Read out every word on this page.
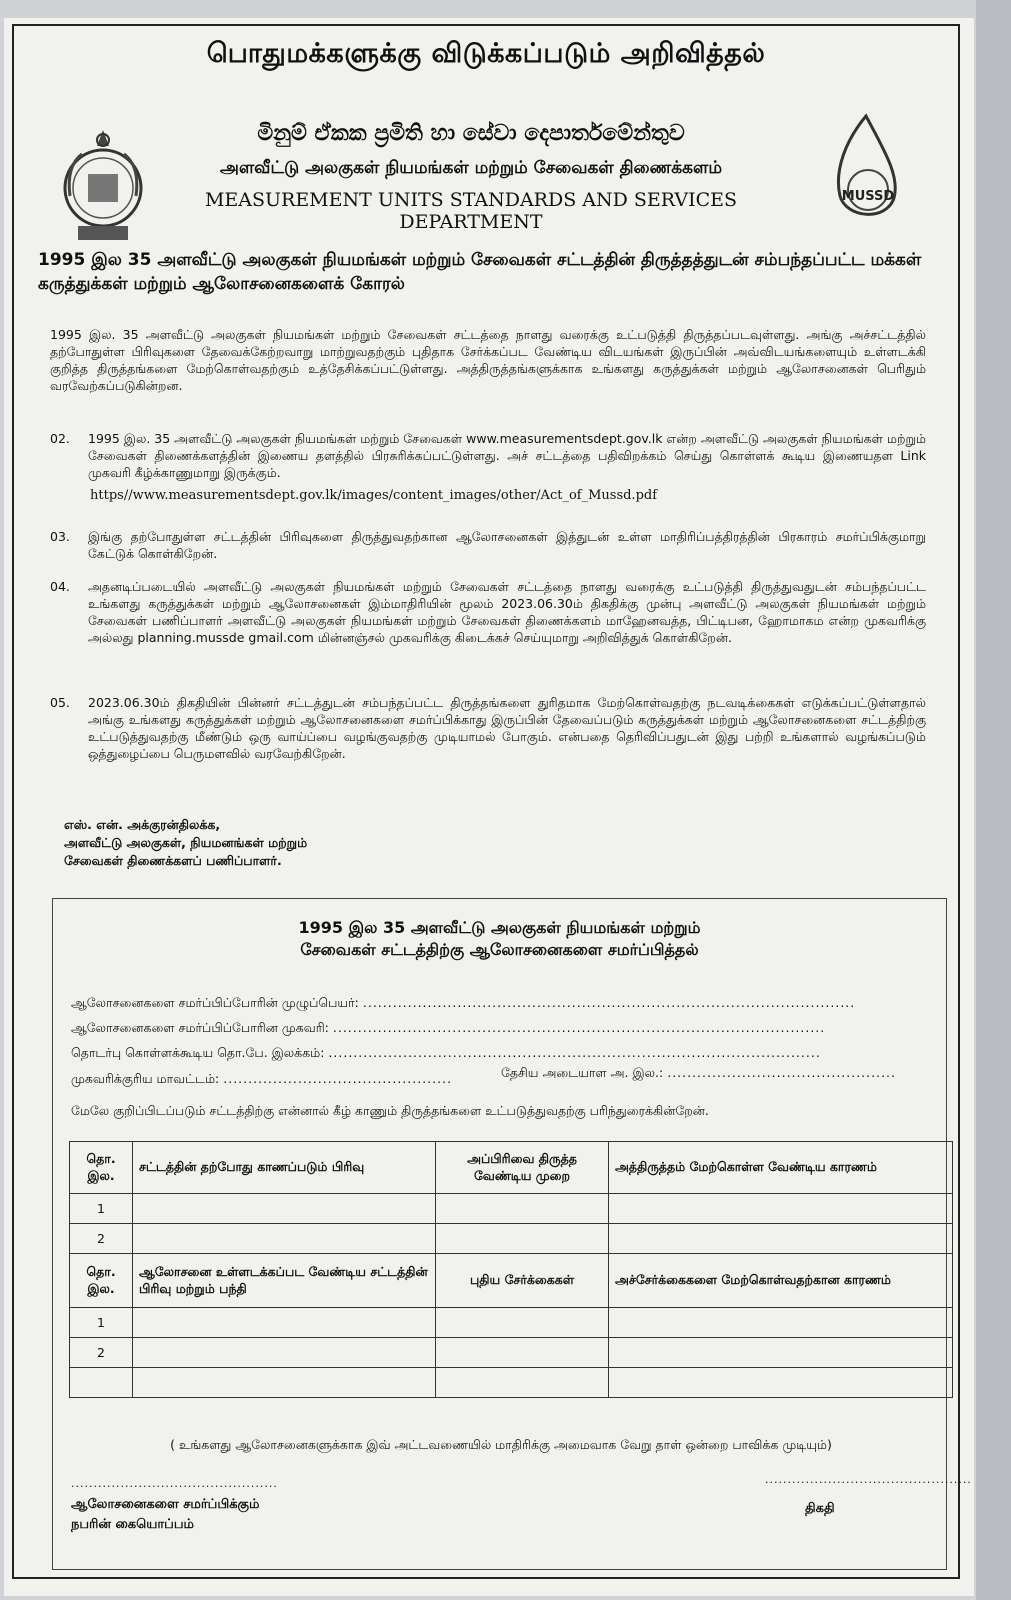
பொதுமக்களுக்கு விடுக்கப்படும் அறிவித்தல்
මිනුම් ඒකක ප්‍රමිති හා සේවා දෙපාර්තමේන්තුව
அளவீட்டு அலகுகள் நியமங்கள் மற்றும் சேவைகள் திணைக்களம்
MEASUREMENT UNITS STANDARDS AND SERVICES DEPARTMENT
MUSSD
1995 இல 35 அளவீட்டு அலகுகள் நியமங்கள் மற்றும் சேவைகள் சட்டத்தின் திருத்தத்துடன் சம்பந்தப்பட்ட மக்கள் கருத்துக்கள் மற்றும் ஆலோசனைகளைக் கோரல்
1995 இல. 35 அளவீட்டு அலகுகள் நியமங்கள் மற்றும் சேவைகள் சட்டத்தை நாளது வரைக்கு உட்படுத்தி திருத்தப்படவுள்ளது. அங்கு அச்சட்டத்தில் தற்போதுள்ள பிரிவுகளை தேவைக்கேற்றவாறு மாற்றுவதற்கும் புதிதாக சேர்க்கப்பட வேண்டிய விடயங்கள் இருப்பின் அவ்விடயங்களையும் உள்ளடக்கி குறித்த திருத்தங்களை மேற்கொள்வதற்கும் உத்தேசிக்கப்பட்டுள்ளது. அத்திருத்தங்களுக்காக உங்களது கருத்துக்கள் மற்றும் ஆலோசனைகள் பெரிதும் வரவேற்கப்படுகின்றன.
02. 1995 இல. 35 அளவீட்டு அலகுகள் நியமங்கள் மற்றும் சேவைகள் www.measurementsdept.gov.lk என்ற அளவீட்டு அலகுகள் நியமங்கள் மற்றும் சேவைகள் திணைக்களத்தின் இணைய தளத்தில் பிரசுரிக்கப்பட்டுள்ளது. அச் சட்டத்தை பதிவிறக்கம் செய்து கொள்ளக் கூடிய இணையதள Link முகவரி கீழ்க்காணுமாறு இருக்கும்.
https//www.measurementsdept.gov.lk/images/content_images/other/Act_of_Mussd.pdf
03. இங்கு தற்போதுள்ள சட்டத்தின் பிரிவுகளை திருத்துவதற்கான ஆலோசனைகள் இத்துடன் உள்ள மாதிரிப்பத்திரத்தின் பிரகாரம் சமர்ப்பிக்குமாறு கேட்டுக் கொள்கிறேன்.
04. அதனடிப்படையில் அளவீட்டு அலகுகள் நியமங்கள் மற்றும் சேவைகள் சட்டத்தை நாளது வரைக்கு உட்படுத்தி திருத்துவதுடன் சம்பந்தப்பட்ட உங்களது கருத்துக்கள் மற்றும் ஆலோசனைகள் இம்மாதிரியின் மூலம் 2023.06.30ம் திகதிக்கு முன்பு அளவீட்டு அலகுகள் நியமங்கள் மற்றும் சேவைகள் பணிப்பாளர் அளவீட்டு அலகுகள் நியமங்கள் மற்றும் சேவைகள் திணைக்களம் மாஹேனவத்த, பிட்டிபன, ஹோமாகம என்ற முகவரிக்கு அல்லது planning.mussde gmail.com மின்னஞ்சல் முகவரிக்கு கிடைக்கச் செய்யுமாறு அறிவித்துக் கொள்கிறேன்.
05. 2023.06.30ம் திகதியின் பின்னர் சட்டத்துடன் சம்பந்தப்பட்ட திருத்தங்களை துரிதமாக மேற்கொள்வதற்கு நடவடிக்கைகள் எடுக்கப்பட்டுள்ளதால் அங்கு உங்களது கருத்துக்கள் மற்றும் ஆலோசனைகளை சமர்ப்பிக்காது இருப்பின் தேவைப்படும் கருத்துக்கள் மற்றும் ஆலோசனைகளை சட்டத்திற்கு உட்படுத்துவதற்கு மீண்டும் ஒரு வாய்ப்பை வழங்குவதற்கு முடியாமல் போகும். என்பதை தெரிவிப்பதுடன் இது பற்றி உங்களால் வழங்கப்படும் ஒத்துழைப்பை பெருமளவில் வரவேற்கிறேன்.
எஸ். என். அக்குரன்திலக்க,
அளவீட்டு அலகுகள், நியமனங்கள் மற்றும்
சேவைகள் திணைக்களப் பணிப்பாளர்.
1995 இல 35 அளவீட்டு அலகுகள் நியமங்கள் மற்றும்
சேவைகள் சட்டத்திற்கு ஆலோசனைகளை சமர்ப்பித்தல்
ஆலோசனைகளை சமர்ப்பிப்போரின் முழுப்பெயர்: ...................................................................................................
ஆலோசனைகளை சமர்ப்பிப்போரின முகவரி: ...................................................................................................
தொடர்பு கொள்ளக்கூடிய தொ.பே. இலக்கம்: ...................................................................................................
முகவரிக்குரிய மாவட்டம்: ..............................................	தேசிய அடையாள அ. இல.: ..............................................
மேலே குறிப்பிடப்படும் சட்டத்திற்கு என்னால் கீழ் காணும் திருத்தங்களை உட்படுத்துவதற்கு பரிந்துரைக்கின்றேன்.
தொ. இல.	சட்டத்தின் தற்போது காணப்படும் பிரிவு	அப்பிரிவை திருத்த வேண்டிய முறை	அத்திருத்தம் மேற்கொள்ள வேண்டிய காரணம்
1			
2			
தொ. இல.	ஆலோசனை உள்ளடக்கப்பட வேண்டிய சட்டத்தின் பிரிவு மற்றும் பந்தி	புதிய சேர்க்கைகள்	அச்சேர்க்கைகளை மேற்கொள்வதற்கான காரணம்
1			
2			

( உங்களது ஆலோசனைகளுக்காக இவ் அட்டவணையில் மாதிரிக்கு அமைவாக வேறு தாள் ஒன்றை பாவிக்க முடியும்)
..............................................
ஆலோசனைகளை சமர்ப்பிக்கும்
நபரின் கையொப்பம்
..............................................
திகதி
